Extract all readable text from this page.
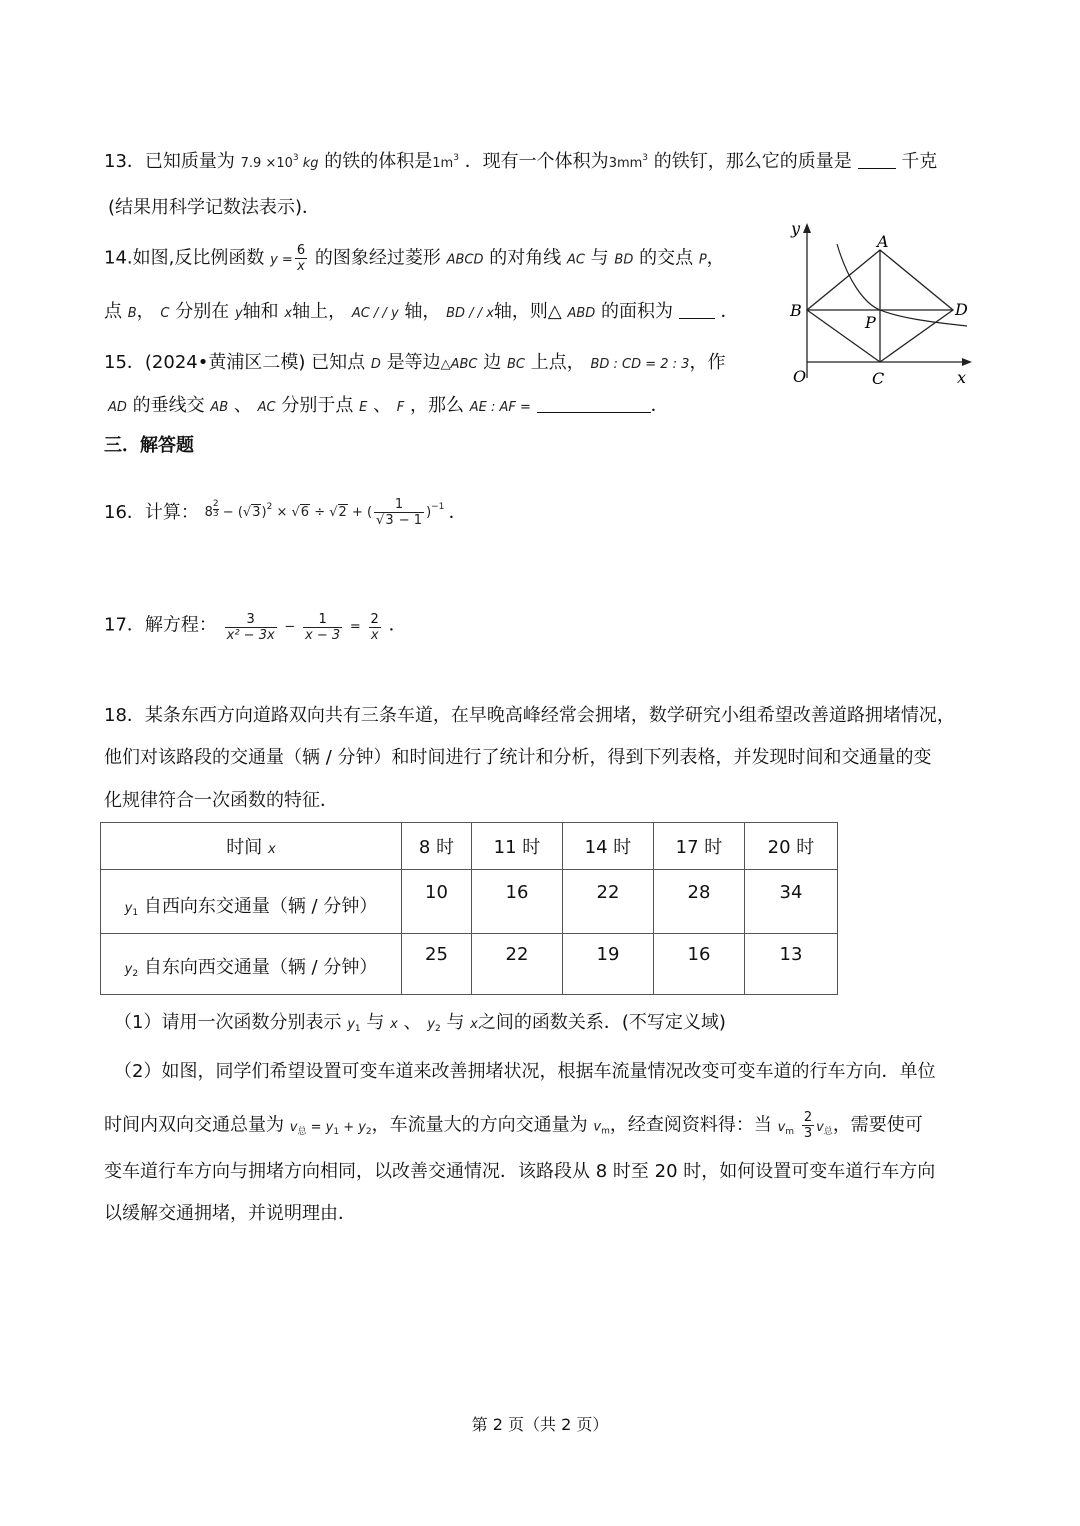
13．已知质量为 $7.9 \times 10^3$ kg 的铁的体积是$1m^3$ ．现有一个体积为$3mm^3$ 的铁钉，那么它的质量是	千克
(结果用科学记数法表示)．
14.如图,反比例函数 $y = \frac{6}{x}$ 的图象经过菱形 ABCD 的对角线 AC 与 BD 的交点 P，
点 B， C 分别在 y轴和 x轴上， AC / / y 轴， BD / / x轴，则△ ABD 的面积为	．
15．(2024•黄浦区二模) 已知点 D 是等边△ABC 边 BC 上点， BD : CD = 2 : 3，作
AD 的垂线交 AB 、 AC 分别于点 E 、 F ，那么 AE : AF =	．
y
A
B	D
P
O	C	x
三．解答题
16．计算： $8 \frac{2}{3} - (√3)^2 \times √6 \div √2$ + ( $\frac{1}{√3 - 1} )^{-1}$ ．
17．解方程： $\frac{3}{\text{x² − 3x}} - \frac{1}{x - 3} = \frac{2}{x}$ ．
18．某条东西方向道路双向共有三条车道，在早晚高峰经常会拥堵，数学研究小组希望改善道路拥堵情况，
他们对该路段的交通量（辆 / 分钟）和时间进行了统计和分析，得到下列表格，并发现时间和交通量的变
化规律符合一次函数的特征．
时间 x	8 时	11 时	14 时	17 时	20 时
$y_1$ 自西向东交通量（辆 / 分钟）	10	16	22	28	34
$y_2$ 自东向西交通量（辆 / 分钟）	25	22	19	16	13
（1）请用一次函数分别表示 $y_1$ 与 x 、 $y_2$ 与 x之间的函数关系．(不写定义域)
（2）如图，同学们希望设置可变车道来改善拥堵状况，根据车流量情况改变可变车道的行车方向．单位
时间内双向交通总量为 $v_总 = y_1 + y_2$，车流量大的方向交通量为 $v_m$，经查阅资料得：当 $v_m \frac{2}{3} v_总$，需要使可
变车道行车方向与拥堵方向相同，以改善交通情况．该路段从 8 时至 20 时，如何设置可变车道行车方向
以缓解交通拥堵，并说明理由．
第 2 页（共 2 页）
